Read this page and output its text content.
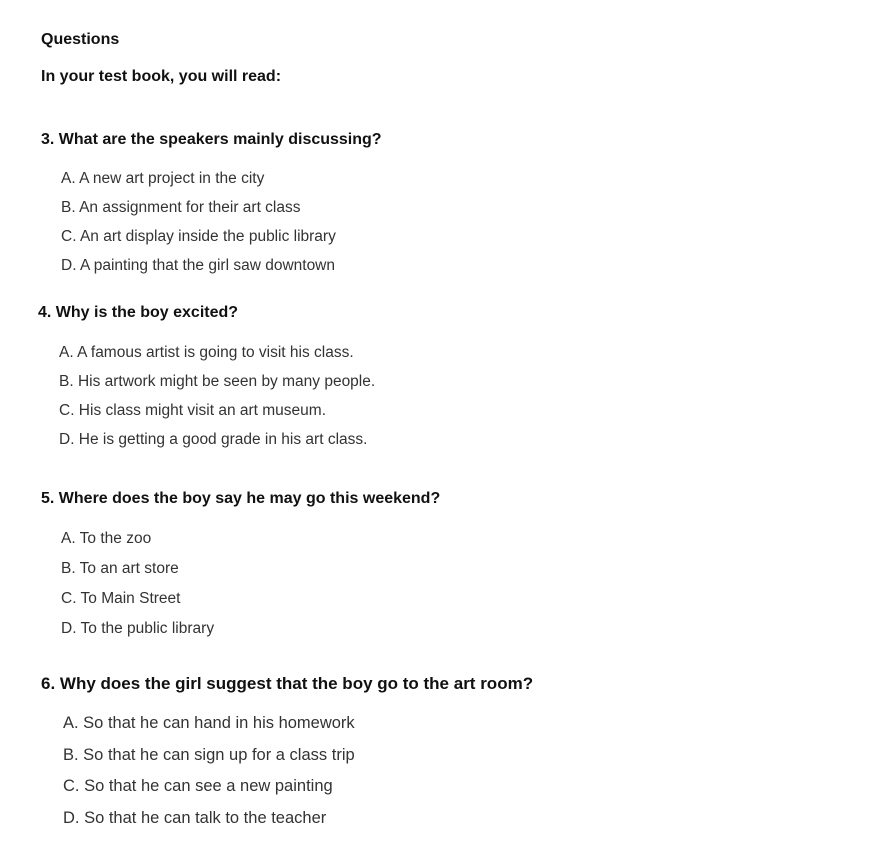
Questions

In your test book, you will read:

3. What are the speakers mainly discussing?

A. A new art project in the city
B. An assignment for their art class
C. An art display inside the public library
D. A painting that the girl saw downtown

4. Why is the boy excited?

A. A famous artist is going to visit his class.
B. His artwork might be seen by many people.
C. His class might visit an art museum.
D. He is getting a good grade in his art class.

5. Where does the boy say he may go this weekend?

A. To the zoo
B. To an art store
C. To Main Street
D. To the public library

6. Why does the girl suggest that the boy go to the art room?

A. So that he can hand in his homework
B. So that he can sign up for a class trip
C. So that he can see a new painting
D. So that he can talk to the teacher
